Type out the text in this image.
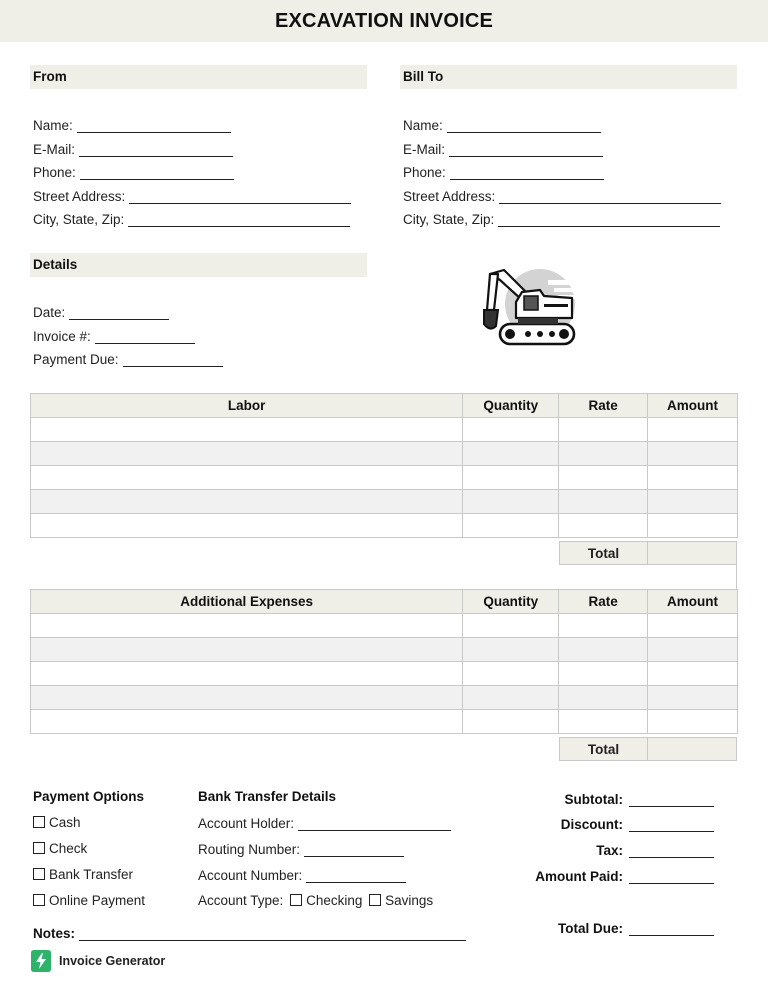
EXCAVATION INVOICE
From	Bill To
Name:
E-Mail:
Phone:
Street Address:
City, State, Zip:
Name:
E-Mail:
Phone:
Street Address:
City, State, Zip:
Details
Date:
Invoice #:
Payment Due:
Labor	Quantity	Rate	Amount

Total
Additional Expenses	Quantity	Rate	Amount

Total
Payment Options
Cash
Check
Bank Transfer
Online Payment
Bank Transfer Details
Account Holder:
Routing Number:
Account Number:
Account Type: Checking Savings
Subtotal:
Discount:
Tax:
Amount Paid:
Total Due:
Notes:
Invoice Generator
